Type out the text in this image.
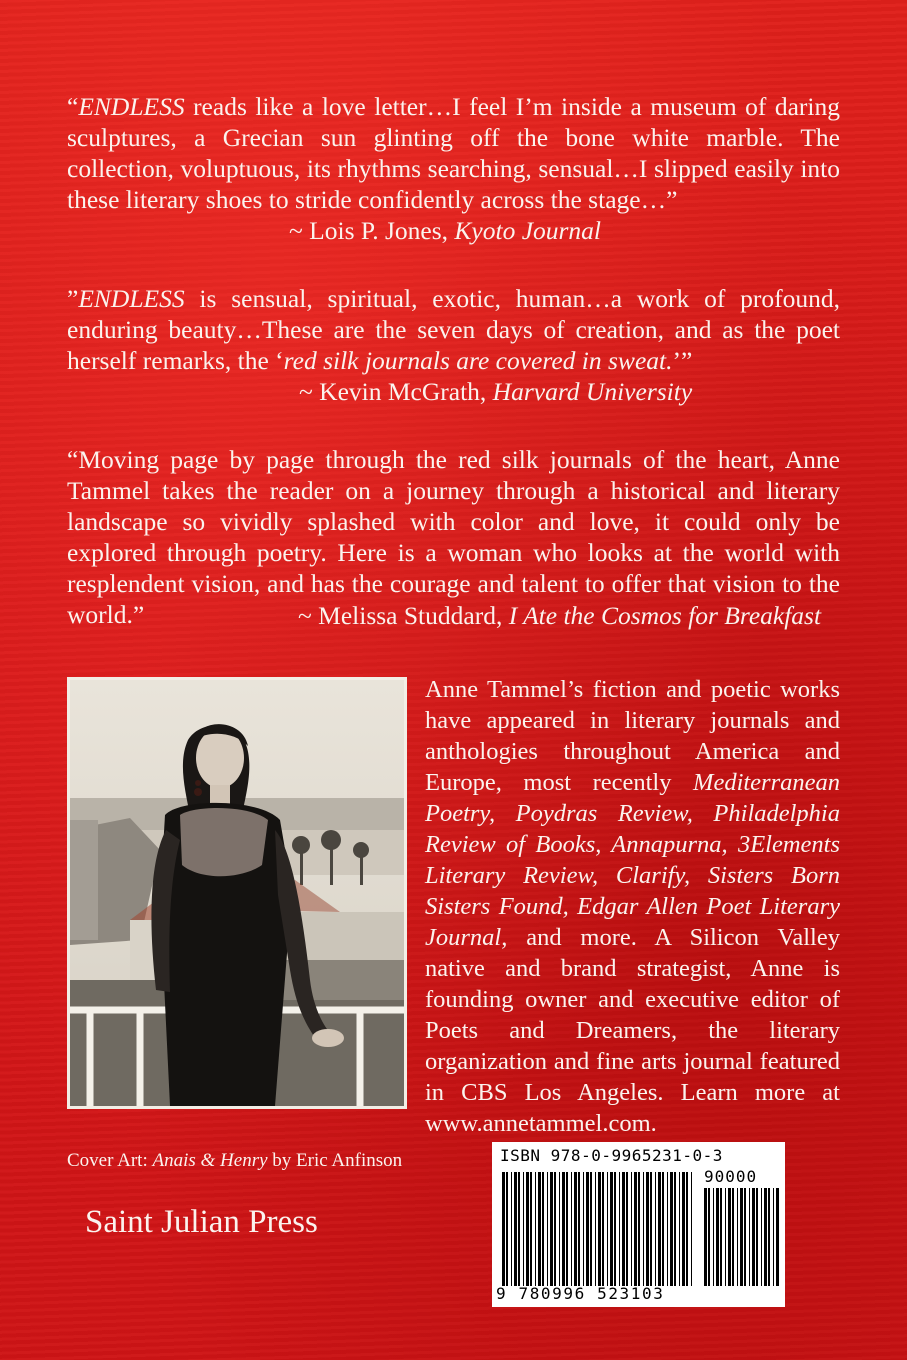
“ENDLESS reads like a love letter…I feel I’m inside a museum of daring sculptures, a Grecian sun glinting off the bone white marble. The collection, voluptuous, its rhythms searching, sensual…I slipped easily into these literary shoes to stride confidently across the stage…”
~ Lois P. Jones, Kyoto Journal
”ENDLESS is sensual, spiritual, exotic, human…a work of profound, enduring beauty…These are the seven days of creation, and as the poet herself remarks, the ‘red silk journals are covered in sweat.’”
~ Kevin McGrath, Harvard University
“Moving page by page through the red silk journals of the heart, Anne Tammel takes the reader on a journey through a historical and literary landscape so vividly splashed with color and love, it could only be explored through poetry. Here is a woman who looks at the world with resplendent vision, and has the courage and talent to offer that vision to the world.”	~ Melissa Studdard, I Ate the Cosmos for Breakfast
Anne Tammel’s fiction and poetic works have appeared in literary journals and anthologies throughout America and Europe, most recently Mediterranean Poetry, Poydras Review, Philadelphia Review of Books, Annapurna, 3Elements Literary Review, Clarify, Sisters Born Sisters Found, Edgar Allen Poet Literary Journal, and more. A Silicon Valley native and brand strategist, Anne is founding owner and executive editor of Poets and Dreamers, the literary organization and fine arts journal featured in CBS Los Angeles. Learn more at www.annetammel.com.
Cover Art: Anais & Henry by Eric Anfinson
Saint Julian Press
ISBN 978-0-9965231-0-3
90000
9 780996 523103
